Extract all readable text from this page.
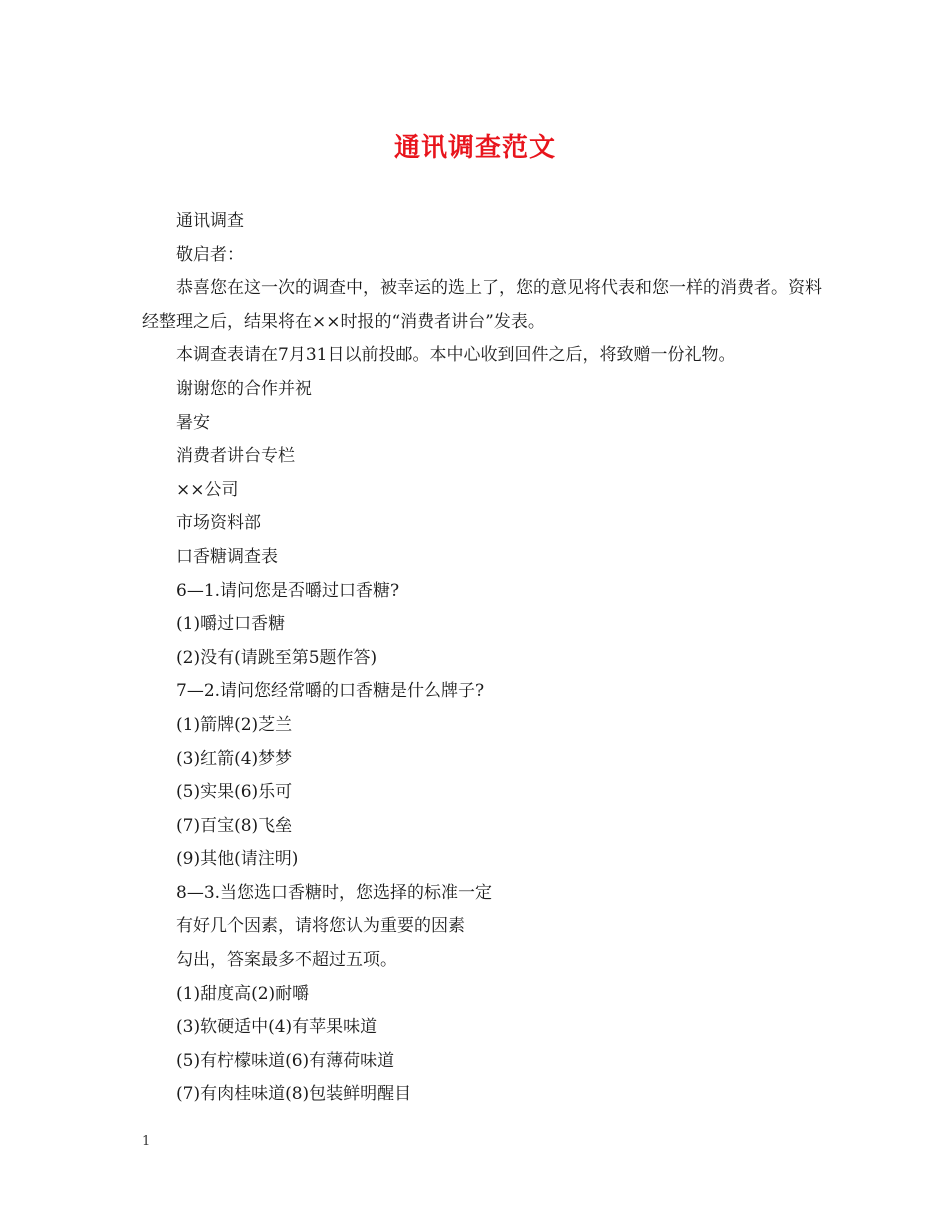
通讯调查范文

通讯调查

敬启者：

恭喜您在这一次的调查中，被幸运的选上了，您的意见将代表和您一样的消费者。资料经整理之后，结果将在××时报的“消费者讲台”发表。

本调查表请在7月31日以前投邮。本中心收到回件之后，将致赠一份礼物。

谢谢您的合作并祝

暑安

消费者讲台专栏

××公司

市场资料部

口香糖调查表

6—1.请问您是否嚼过口香糖?

(1)嚼过口香糖

(2)没有(请跳至第5题作答)

7—2.请问您经常嚼的口香糖是什么牌子?

(1)箭牌(2)芝兰

(3)红箭(4)梦梦

(5)实果(6)乐可

(7)百宝(8)飞垒

(9)其他(请注明)

8—3.当您选口香糖时，您选择的标准一定

有好几个因素，请将您认为重要的因素

勾出，答案最多不超过五项。

(1)甜度高(2)耐嚼

(3)软硬适中(4)有苹果味道

(5)有柠檬味道(6)有薄荷味道

(7)有肉桂味道(8)包装鲜明醒目

1
